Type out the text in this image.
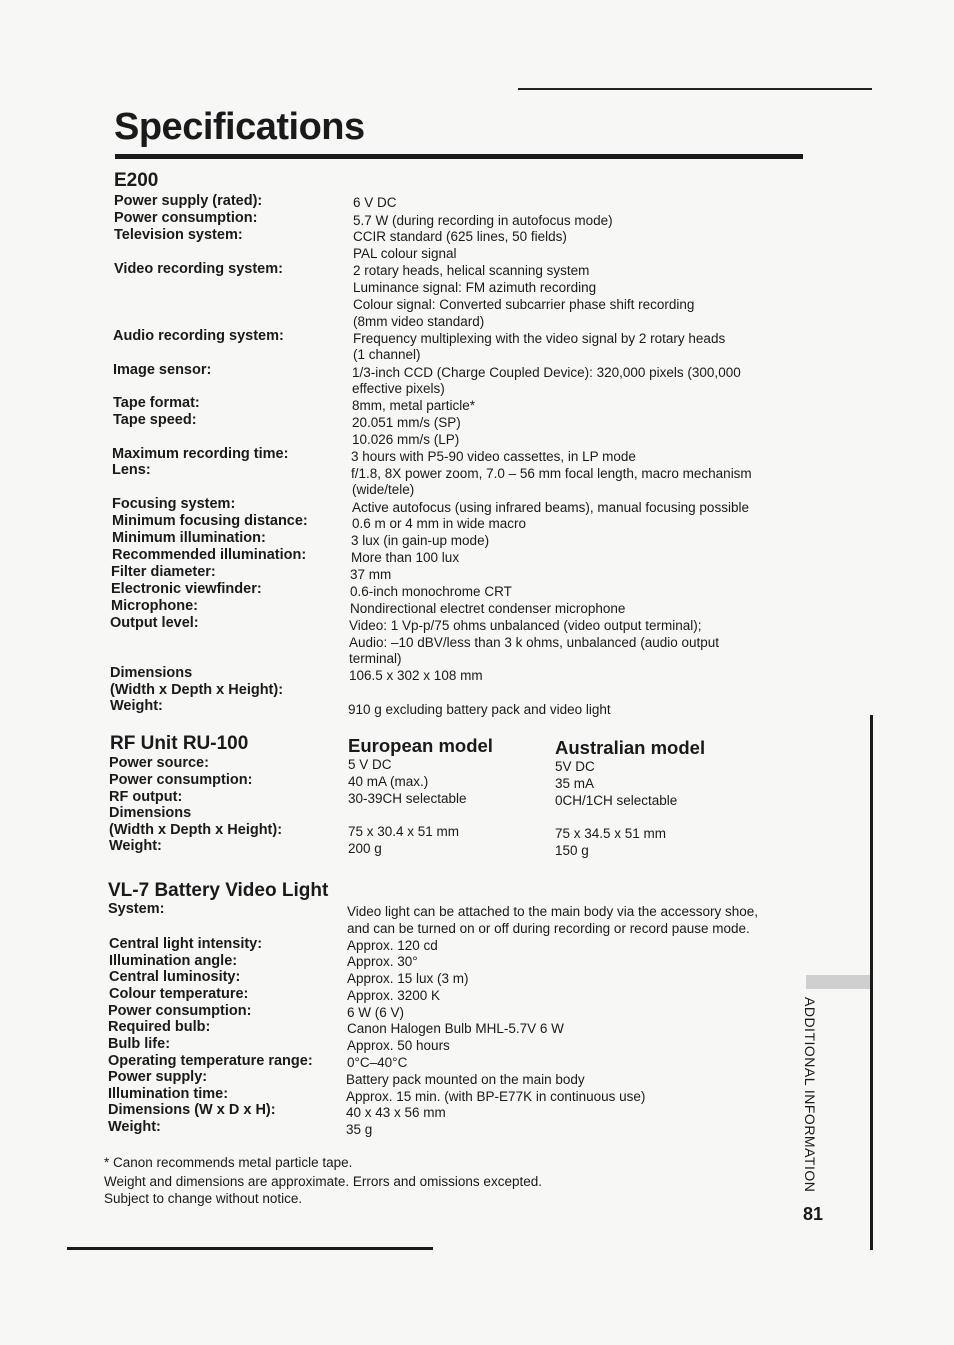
Specifications
E200
Power supply (rated):
Power consumption:
Television system:
Video recording system:
Audio recording system:
Image sensor:
Tape format:
Tape speed:
Maximum recording time:
Lens:
Focusing system:
Minimum focusing distance:
Minimum illumination:
Recommended illumination:
Filter diameter:
Electronic viewfinder:
Microphone:
Output level:
Dimensions
(Width x Depth x Height):
Weight:
6 V DC
5.7 W (during recording in autofocus mode)
CCIR standard (625 lines, 50 fields)
PAL colour signal
2 rotary heads, helical scanning system
Luminance signal: FM azimuth recording
Colour signal: Converted subcarrier phase shift recording
(8mm video standard)
Frequency multiplexing with the video signal by 2 rotary heads
(1 channel)
1/3-inch CCD (Charge Coupled Device): 320,000 pixels (300,000
effective pixels)
8mm, metal particle*
20.051 mm/s (SP)
10.026 mm/s (LP)
3 hours with P5-90 video cassettes, in LP mode
f/1.8, 8X power zoom, 7.0 – 56 mm focal length, macro mechanism
(wide/tele)
Active autofocus (using infrared beams), manual focusing possible
0.6 m or 4 mm in wide macro
3 lux (in gain-up mode)
More than 100 lux
37 mm
0.6-inch monochrome CRT
Nondirectional electret condenser microphone
Video: 1 Vp-p/75 ohms unbalanced (video output terminal);
Audio: –10 dBV/less than 3 k ohms, unbalanced (audio output
terminal)
106.5 x 302 x 108 mm
910 g excluding battery pack and video light
RF Unit RU-100	European model	Australian model
Power source:
Power consumption:
RF output:
Dimensions
(Width x Depth x Height):
Weight:
5 V DC
40 mA (max.)
30-39CH selectable
75 x 30.4 x 51 mm
200 g
5V DC
35 mA
0CH/1CH selectable
75 x 34.5 x 51 mm
150 g
VL-7 Battery Video Light
System:
Central light intensity:
Illumination angle:
Central luminosity:
Colour temperature:
Power consumption:
Required bulb:
Bulb life:
Operating temperature range:
Power supply:
Illumination time:
Dimensions (W x D x H):
Weight:
Video light can be attached to the main body via the accessory shoe,
and can be turned on or off during recording or record pause mode.
Approx. 120 cd
Approx. 30°
Approx. 15 lux (3 m)
Approx. 3200 K
6 W (6 V)
Canon Halogen Bulb MHL-5.7V 6 W
Approx. 50 hours
0°C–40°C
Battery pack mounted on the main body
Approx. 15 min. (with BP-E77K in continuous use)
40 x 43 x 56 mm
35 g
* Canon recommends metal particle tape.
Weight and dimensions are approximate. Errors and omissions excepted.
Subject to change without notice.
ADDITIONAL INFORMATION
81
